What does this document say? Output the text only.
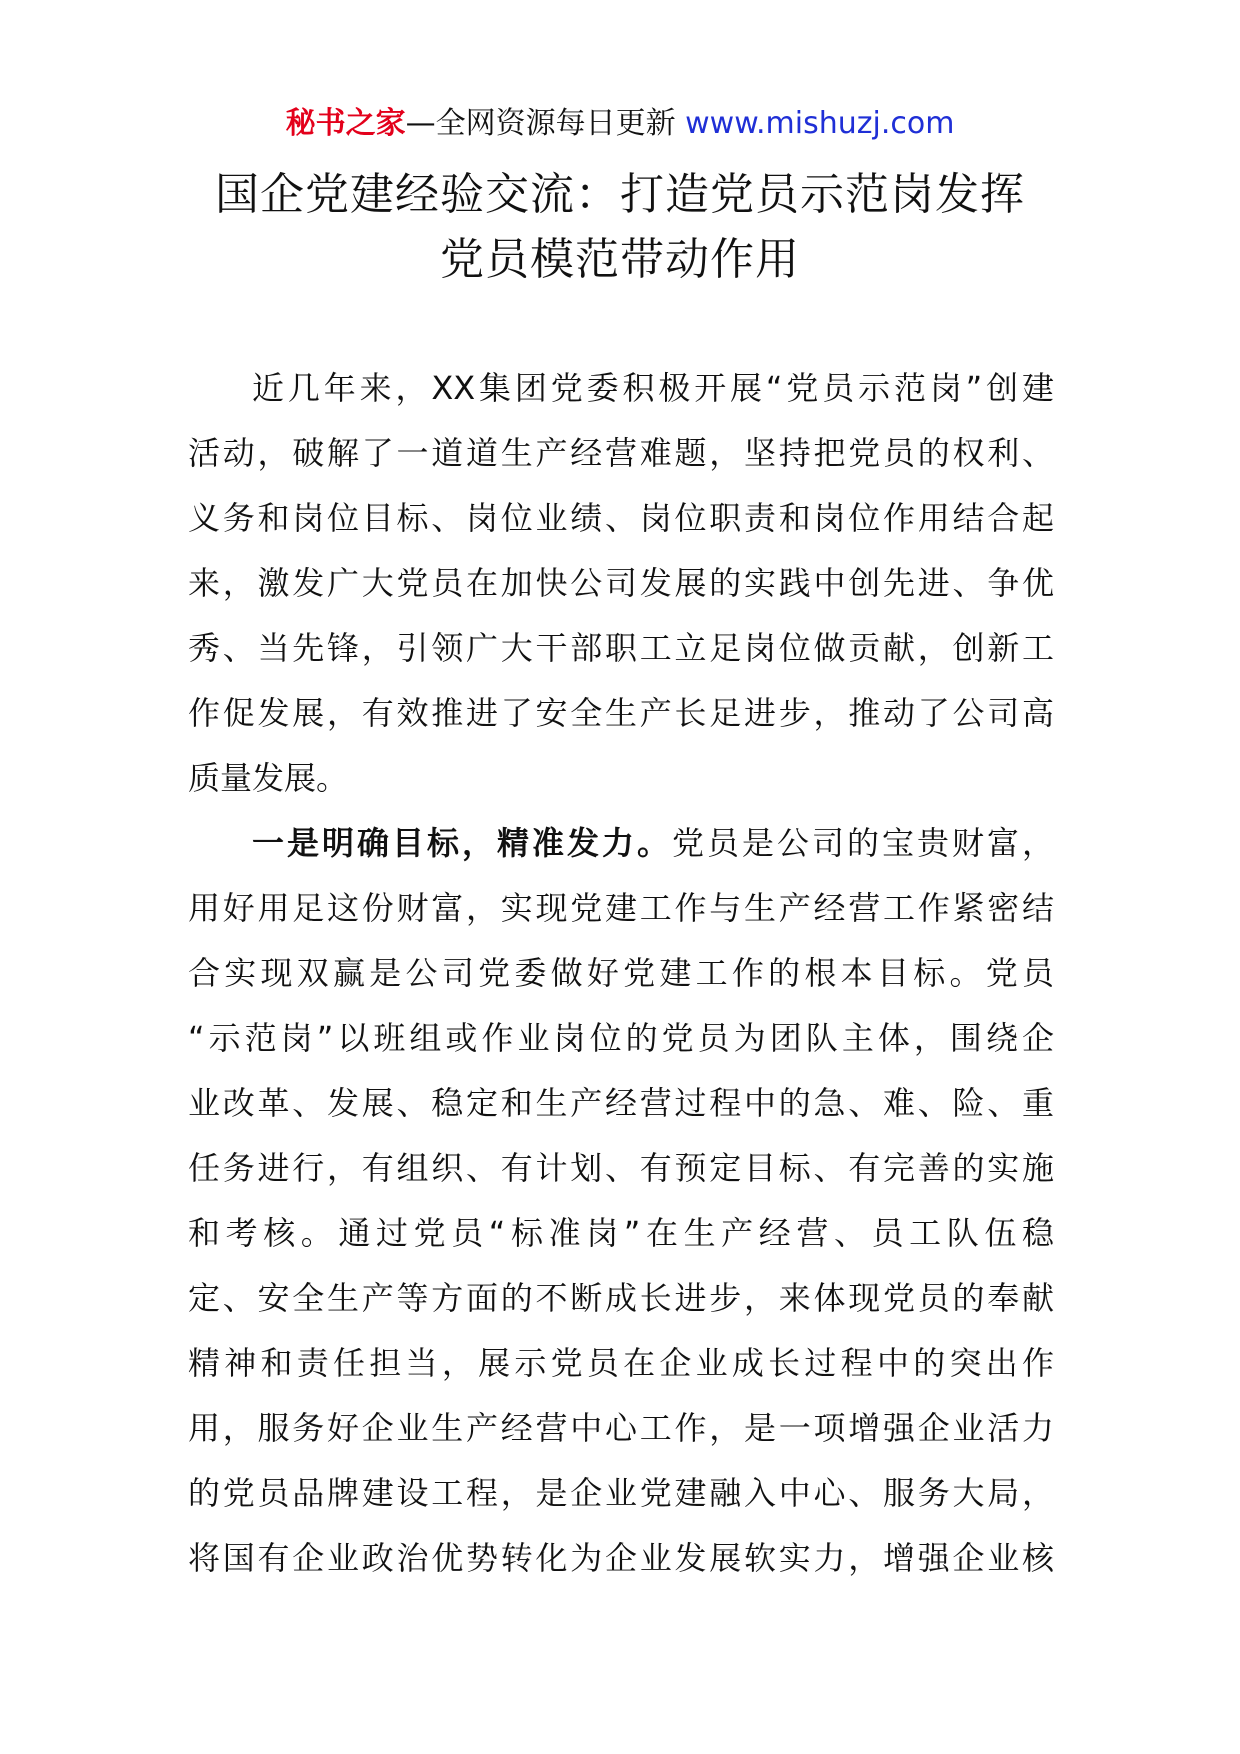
秘书之家—全网资源每日更新 www.mishuzj.com
国企党建经验交流：打造党员示范岗发挥
党员模范带动作用
近几年来，XX集团党委积极开展“党员示范岗”创建
活动，破解了一道道生产经营难题，坚持把党员的权利、
义务和岗位目标、岗位业绩、岗位职责和岗位作用结合起
来，激发广大党员在加快公司发展的实践中创先进、争优
秀、当先锋，引领广大干部职工立足岗位做贡献，创新工
作促发展，有效推进了安全生产长足进步，推动了公司高
质量发展。
一是明确目标，精准发力。党员是公司的宝贵财富，
用好用足这份财富，实现党建工作与生产经营工作紧密结
合实现双赢是公司党委做好党建工作的根本目标。党员
“示范岗”以班组或作业岗位的党员为团队主体，围绕企
业改革、发展、稳定和生产经营过程中的急、难、险、重
任务进行，有组织、有计划、有预定目标、有完善的实施
和考核。通过党员“标准岗”在生产经营、员工队伍稳
定、安全生产等方面的不断成长进步，来体现党员的奉献
精神和责任担当，展示党员在企业成长过程中的突出作
用，服务好企业生产经营中心工作，是一项增强企业活力
的党员品牌建设工程，是企业党建融入中心、服务大局，
将国有企业政治优势转化为企业发展软实力，增强企业核
